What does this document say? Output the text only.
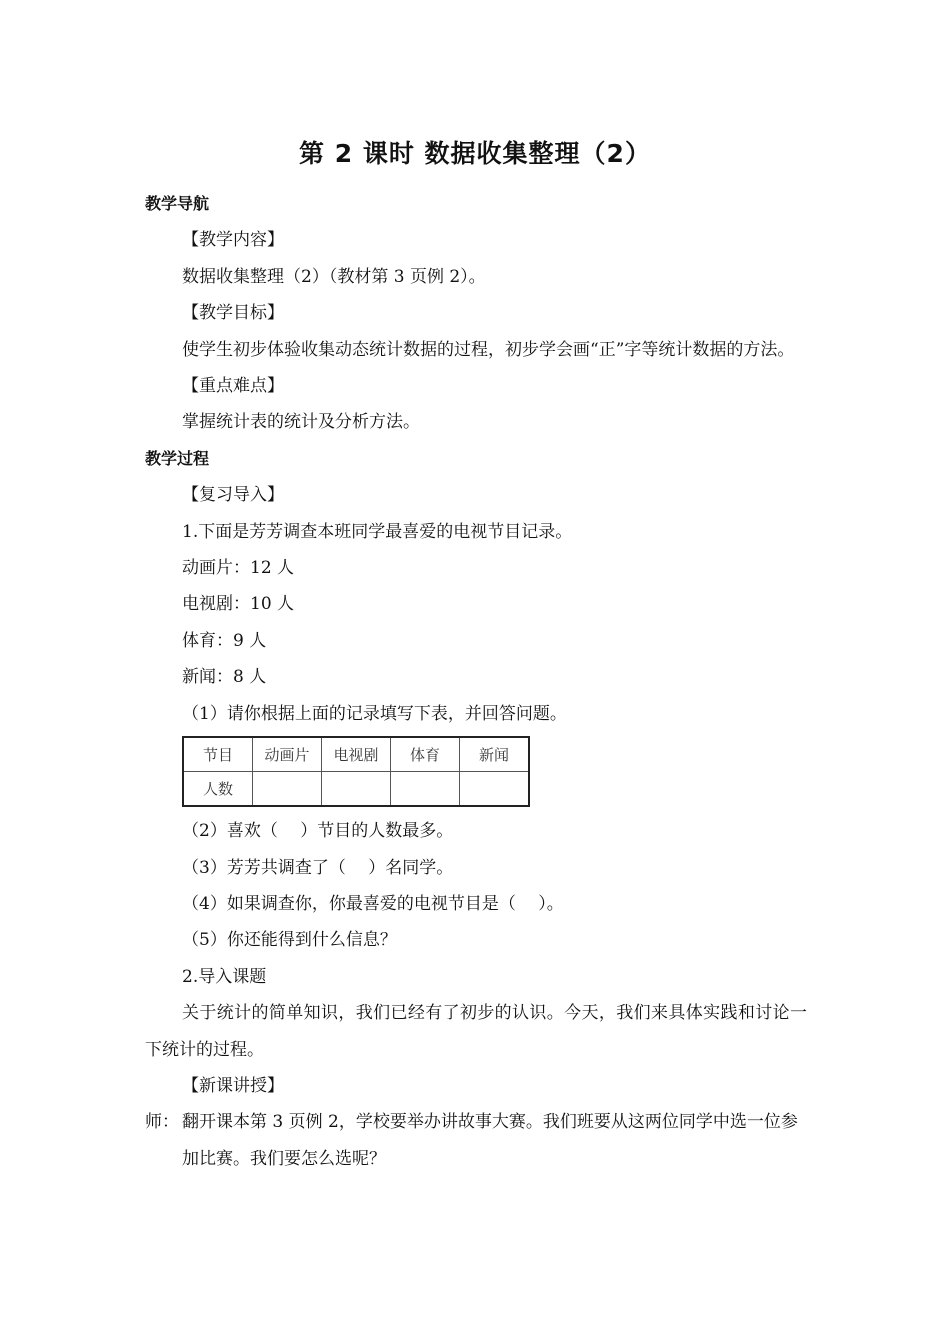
第 2 课时 数据收集整理（2）

教学导航

【教学内容】

数据收集整理（2）（教材第 3 页例 2）。

【教学目标】

使学生初步体验收集动态统计数据的过程，初步学会画“正”字等统计数据的方法。

【重点难点】

掌握统计表的统计及分析方法。

教学过程

【复习导入】

1.下面是芳芳调查本班同学最喜爱的电视节目记录。

动画片：12 人

电视剧：10 人

体育：9 人

新闻：8 人

（1）请你根据上面的记录填写下表，并回答问题。

节目	动画片	电视剧	体育	新闻
人数				

（2）喜欢（　 ）节目的人数最多。

（3）芳芳共调查了（　 ）名同学。

（4）如果调查你，你最喜爱的电视节目是（　 ）。

（5）你还能得到什么信息？

2.导入课题

关于统计的简单知识，我们已经有了初步的认识。今天，我们来具体实践和讨论一下统计的过程。

【新课讲授】

师： 翻开课本第 3 页例 2，学校要举办讲故事大赛。我们班要从这两位同学中选一位参加比赛。我们要怎么选呢？
